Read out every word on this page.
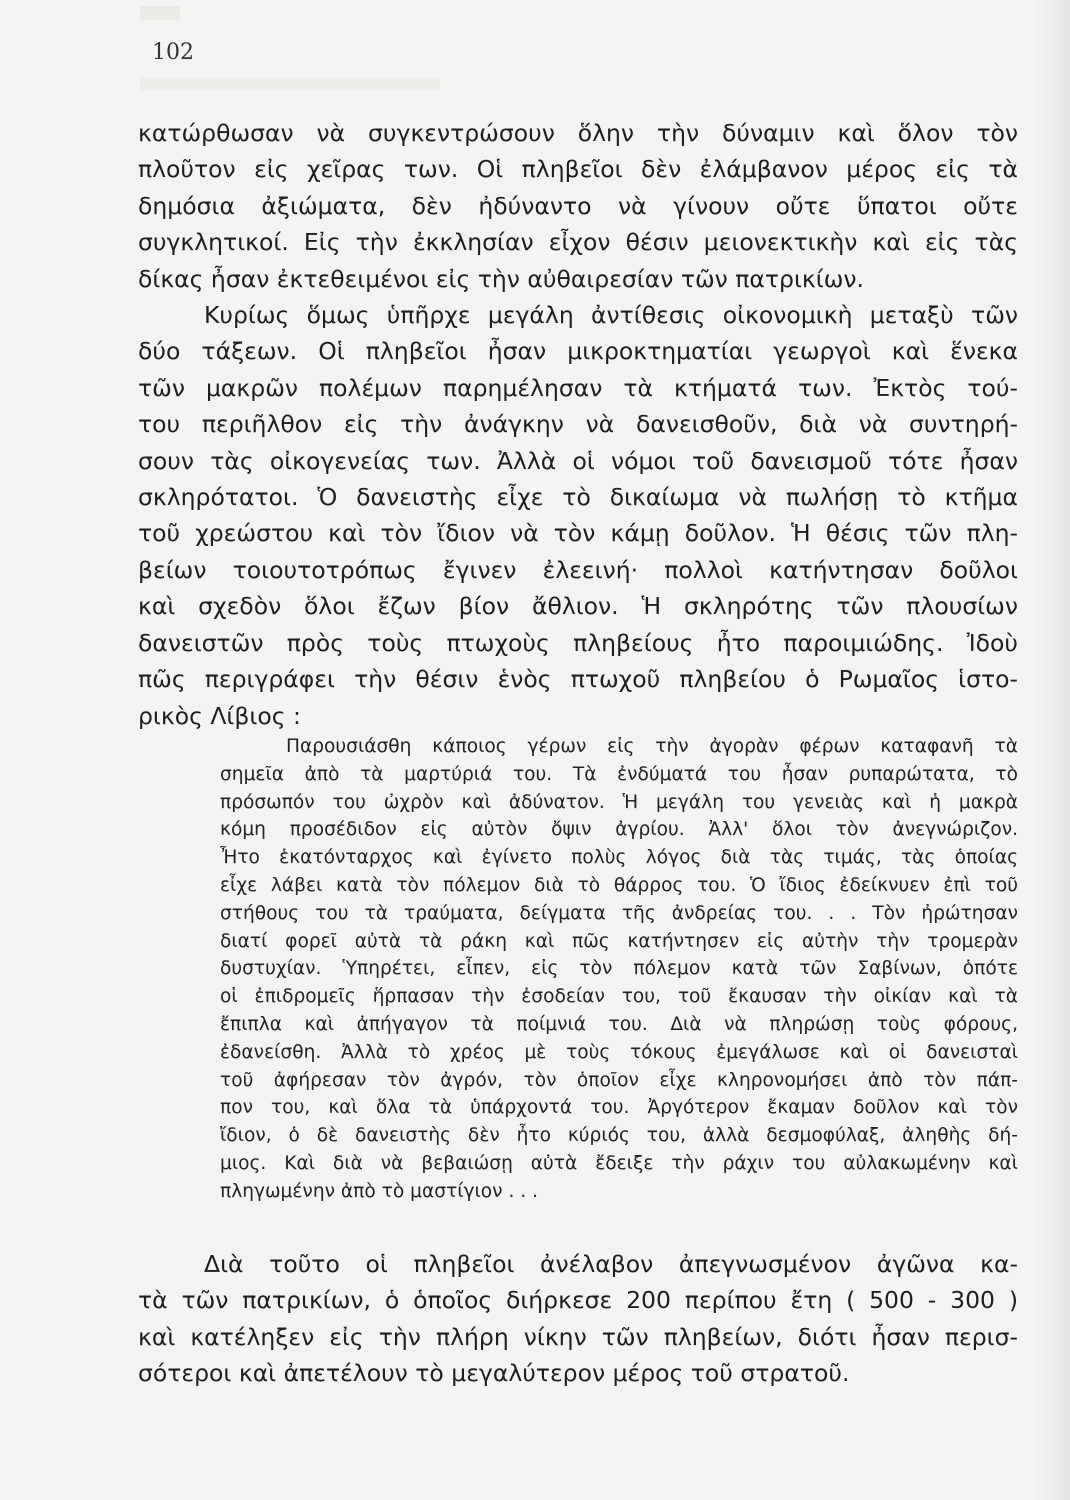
102
κατώρθωσαν νὰ συγκεντρώσουν ὅλην τὴν δύναμιν καὶ ὅλον τὸν
πλοῦτον εἰς χεῖρας των. Οἱ πληβεῖοι δὲν ἐλάμβανον μέρος εἰς τὰ
δημόσια ἀξιώματα, δὲν ἠδύναντο νὰ γίνουν οὔτε ὕπατοι οὔτε
συγκλητικοί. Εἰς τὴν ἐκκλησίαν εἶχον θέσιν μειονεκτικὴν καὶ εἰς τὰς
δίκας ἦσαν ἐκτεθειμένοι εἰς τὴν αὐθαιρεσίαν τῶν πατρικίων.
Κυρίως ὅμως ὑπῆρχε μεγάλη ἀντίθεσις οἰκονομικὴ μεταξὺ τῶν
δύο τάξεων. Οἱ πληβεῖοι ἦσαν μικροκτηματίαι γεωργοὶ καὶ ἕνεκα
τῶν μακρῶν πολέμων παρημέλησαν τὰ κτήματά των. Ἐκτὸς τού-
του περιῆλθον εἰς τὴν ἀνάγκην νὰ δανεισθοῦν, διὰ νὰ συντηρή-
σουν τὰς οἰκογενείας των. Ἀλλὰ οἱ νόμοι τοῦ δανεισμοῦ τότε ἦσαν
σκληρότατοι. Ὁ δανειστὴς εἶχε τὸ δικαίωμα νὰ πωλήσῃ τὸ κτῆμα
τοῦ χρεώστου καὶ τὸν ἴδιον νὰ τὸν κάμῃ δοῦλον. Ἡ θέσις τῶν πλη-
βείων τοιουτοτρόπως ἔγινεν ἐλεεινή· πολλοὶ κατήντησαν δοῦλοι
καὶ σχεδὸν ὅλοι ἔζων βίον ἄθλιον. Ἡ σκληρότης τῶν πλουσίων
δανειστῶν πρὸς τοὺς πτωχοὺς πληβείους ἦτο παροιμιώδης. Ἰδοὺ
πῶς περιγράφει τὴν θέσιν ἑνὸς πτωχοῦ πληβείου ὁ Ρωμαῖος ἱστο-
ρικὸς Λίβιος :
Παρουσιάσθη κάποιος γέρων εἰς τὴν ἀγορὰν φέρων καταφανῆ τὰ
σημεῖα ἀπὸ τὰ μαρτύριά του. Τὰ ἐνδύματά του ἦσαν ρυπαρώτατα, τὸ
πρόσωπόν του ὠχρὸν καὶ ἀδύνατον. Ἡ μεγάλη του γενειὰς καὶ ἡ μακρὰ
κόμη προσέδιδον εἰς αὐτὸν ὄψιν ἀγρίου. Ἀλλ' ὅλοι τὸν ἀνεγνώριζον.
Ἦτο ἑκατόνταρχος καὶ ἐγίνετο πολὺς λόγος διὰ τὰς τιμάς, τὰς ὁποίας
εἶχε λάβει κατὰ τὸν πόλεμον διὰ τὸ θάρρος του. Ὁ ἴδιος ἐδείκνυεν ἐπὶ τοῦ
στήθους του τὰ τραύματα, δείγματα τῆς ἀνδρείας του. . . Τὸν ἠρώτησαν
διατί φορεῖ αὐτὰ τὰ ράκη καὶ πῶς κατήντησεν εἰς αὐτὴν τὴν τρομερὰν
δυστυχίαν. Ὑπηρέτει, εἶπεν, εἰς τὸν πόλεμον κατὰ τῶν Σαβίνων, ὁπότε
οἱ ἐπιδρομεῖς ἥρπασαν τὴν ἐσοδείαν του, τοῦ ἔκαυσαν τὴν οἰκίαν καὶ τὰ
ἔπιπλα καὶ ἀπήγαγον τὰ ποίμνιά του. Διὰ νὰ πληρώσῃ τοὺς φόρους,
ἐδανείσθη. Ἀλλὰ τὸ χρέος μὲ τοὺς τόκους ἐμεγάλωσε καὶ οἱ δανεισταὶ
τοῦ ἀφήρεσαν τὸν ἀγρόν, τὸν ὁποῖον εἶχε κληρονομήσει ἀπὸ τὸν πάπ-
πον του, καὶ ὅλα τὰ ὑπάρχοντά του. Ἀργότερον ἔκαμαν δοῦλον καὶ τὸν
ἴδιον, ὁ δὲ δανειστὴς δὲν ἦτο κύριός του, ἀλλὰ δεσμοφύλαξ, ἀληθὴς δή-
μιος. Καὶ διὰ νὰ βεβαιώσῃ αὐτὰ ἔδειξε τὴν ράχιν του αὐλακωμένην καὶ
πληγωμένην ἀπὸ τὸ μαστίγιον . . .
Διὰ τοῦτο οἱ πληβεῖοι ἀνέλαβον ἀπεγνωσμένον ἀγῶνα κα-
τὰ τῶν πατρικίων, ὁ ὁποῖος διήρκεσε 200 περίπου ἔτη ( 500 - 300 )
καὶ κατέληξεν εἰς τὴν πλήρη νίκην τῶν πληβείων, διότι ἦσαν περισ-
σότεροι καὶ ἀπετέλουν τὸ μεγαλύτερον μέρος τοῦ στρατοῦ.
